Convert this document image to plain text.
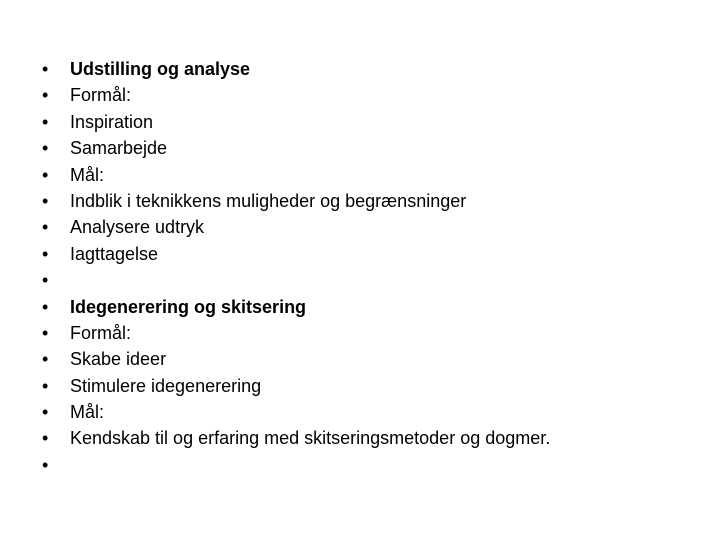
•	Udstilling og analyse
•	Formål:
•	Inspiration
•	Samarbejde
•	Mål:
•	Indblik i teknikkens muligheder og begrænsninger
•	Analysere udtryk
•	Iagttagelse
•
•	Idegenerering og skitsering
•	Formål:
•	Skabe ideer
•	Stimulere idegenerering
•	Mål:
•	Kendskab til og erfaring med skitseringsmetoder og dogmer.
•
